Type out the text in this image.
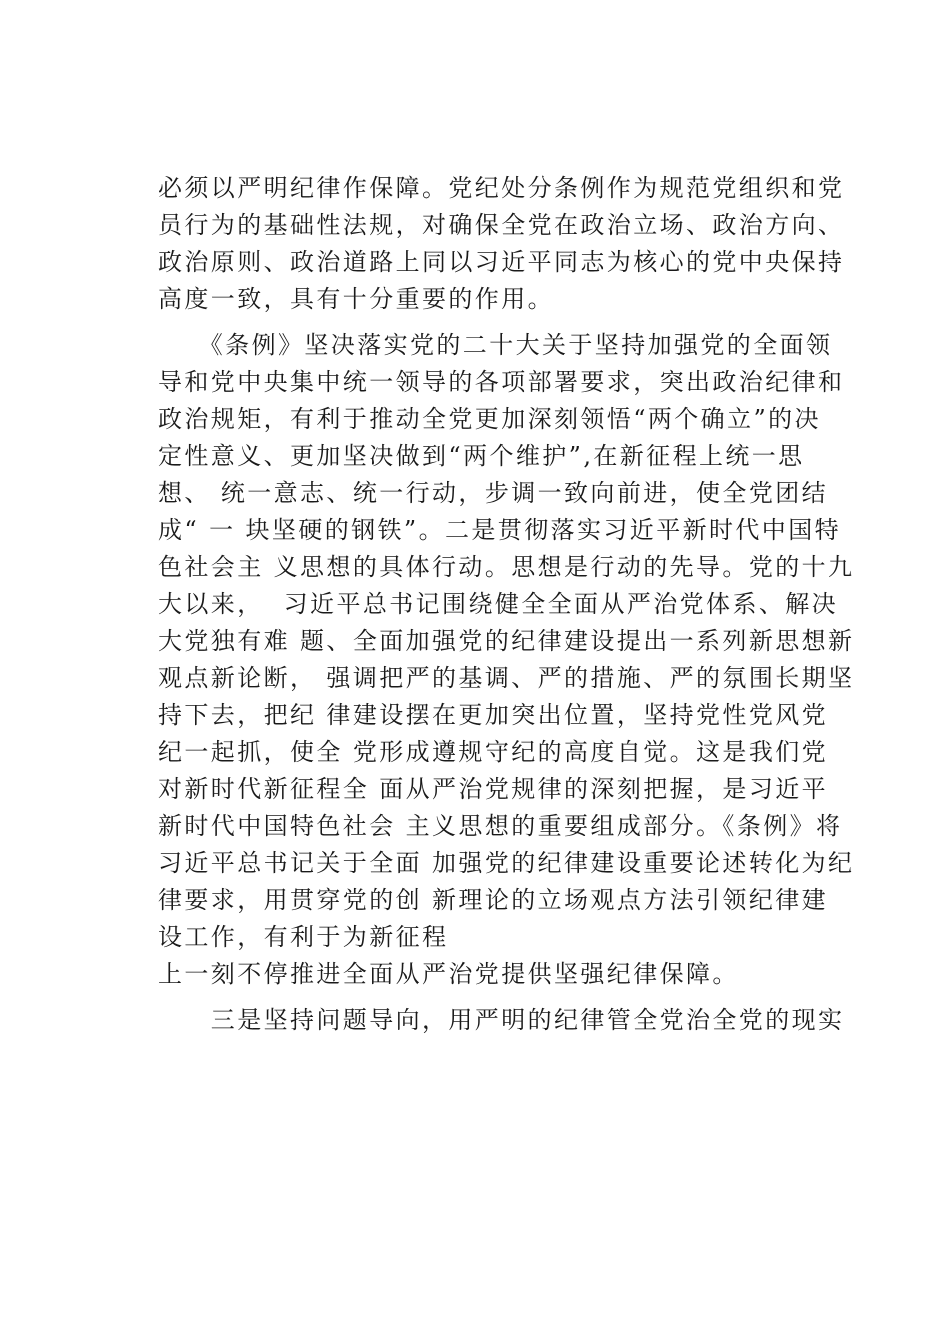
必须以严明纪律作保障。党纪处分条例作为规范党组织和党
员行为的基础性法规，对确保全党在政治立场、政治方向、
政治原则、政治道路上同以习近平同志为核心的党中央保持
高度一致，具有十分重要的作用。
　　《条例》坚决落实党的二十大关于坚持加强党的全面领
导和党中央集中统一领导的各项部署要求，突出政治纪律和
政治规矩，有利于推动全党更加深刻领悟“两个确立”的决
定性意义、更加坚决做到“两个维护”,在新征程上统一思
想、 统一意志、统一行动，步调一致向前进，使全党团结
成“ 一 块坚硬的钢铁”。二是贯彻落实习近平新时代中国特
色社会主 义思想的具体行动。思想是行动的先导。党的十九
大以来，  习近平总书记围绕健全全面从严治党体系、解决
大党独有难 题、全面加强党的纪律建设提出一系列新思想新
观点新论断， 强调把严的基调、严的措施、严的氛围长期坚
持下去，把纪 律建设摆在更加突出位置，坚持党性党风党
纪一起抓，使全 党形成遵规守纪的高度自觉。这是我们党
对新时代新征程全 面从严治党规律的深刻把握，是习近平
新时代中国特色社会 主义思想的重要组成部分。《条例》将
习近平总书记关于全面 加强党的纪律建设重要论述转化为纪
律要求，用贯穿党的创 新理论的立场观点方法引领纪律建
设工作，有利于为新征程
上一刻不停推进全面从严治党提供坚强纪律保障。
　　三是坚持问题导向，用严明的纪律管全党治全党的现实
